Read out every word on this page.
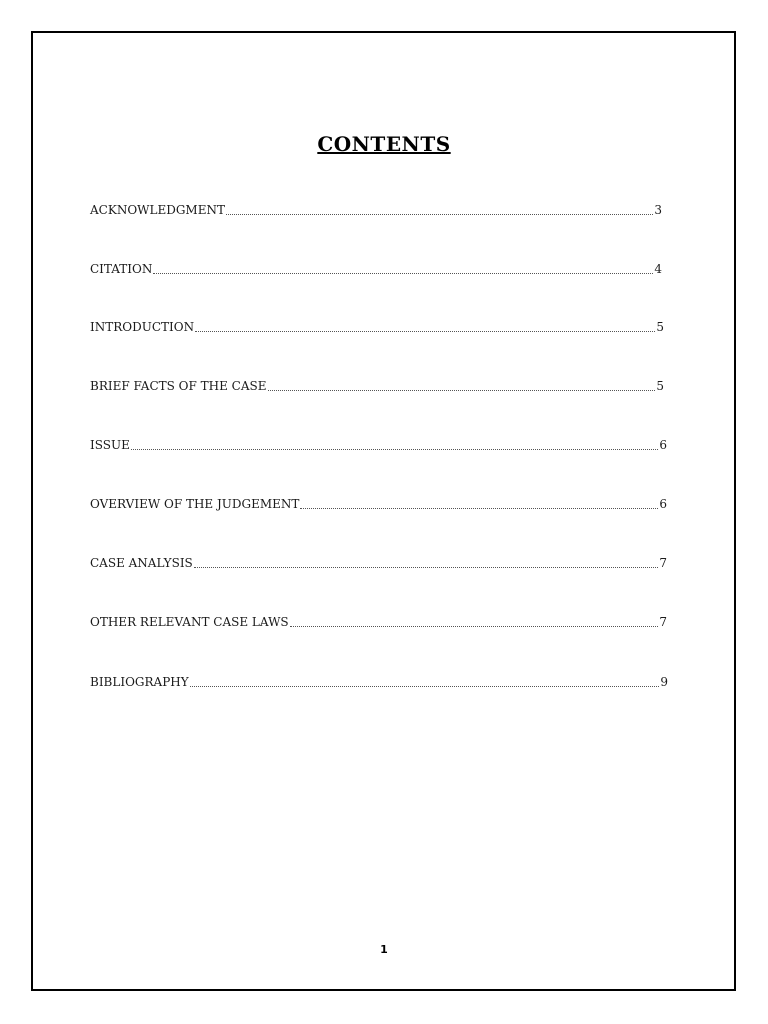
CONTENTS
ACKNOWLEDGMENT	3
CITATION	4
INTRODUCTION	5
BRIEF FACTS OF THE CASE	5
ISSUE	6
OVERVIEW OF THE JUDGEMENT	6
CASE ANALYSIS	7
OTHER RELEVANT CASE LAWS	7
BIBLIOGRAPHY	9
1
